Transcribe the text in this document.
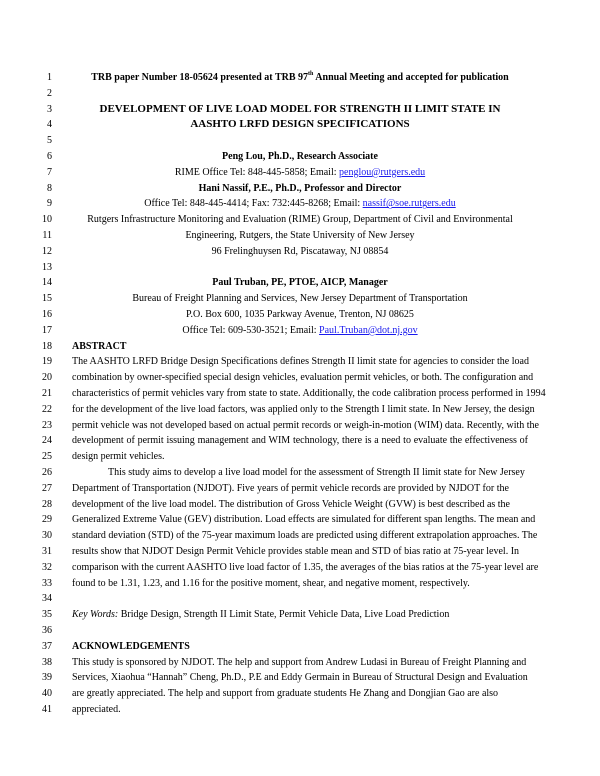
1	TRB paper Number 18-05624 presented at TRB 97th Annual Meeting and accepted for publication
2
3	DEVELOPMENT OF LIVE LOAD MODEL FOR STRENGTH II LIMIT STATE IN
4	AASHTO LRFD DESIGN SPECIFICATIONS
5
6	Peng Lou, Ph.D., Research Associate
7	RIME Office Tel: 848-445-5858; Email: penglou@rutgers.edu
8	Hani Nassif, P.E., Ph.D., Professor and Director
9	Office Tel: 848-445-4414; Fax: 732:445-8268; Email: nassif@soe.rutgers.edu
10	Rutgers Infrastructure Monitoring and Evaluation (RIME) Group, Department of Civil and Environmental
11	Engineering, Rutgers, the State University of New Jersey
12	96 Frelinghuysen Rd, Piscataway, NJ 08854
13
14	Paul Truban, PE, PTOE, AICP, Manager
15	Bureau of Freight Planning and Services, New Jersey Department of Transportation
16	P.O. Box 600, 1035 Parkway Avenue, Trenton, NJ 08625
17	Office Tel: 609-530-3521; Email: Paul.Truban@dot.nj.gov
18 ABSTRACT
19 The AASHTO LRFD Bridge Design Specifications defines Strength II limit state for agencies to consider the load
20 combination by owner-specified special design vehicles, evaluation permit vehicles, or both. The configuration and
21 characteristics of permit vehicles vary from state to state. Additionally, the code calibration process performed in 1994
22 for the development of the live load factors, was applied only to the Strength I limit state. In New Jersey, the design
23 permit vehicle was not developed based on actual permit records or weigh-in-motion (WIM) data. Recently, with the
24 development of permit issuing management and WIM technology, there is a need to evaluate the effectiveness of
25 design permit vehicles.
26	This study aims to develop a live load model for the assessment of Strength II limit state for New Jersey
27 Department of Transportation (NJDOT). Five years of permit vehicle records are provided by NJDOT for the
28 development of the live load model. The distribution of Gross Vehicle Weight (GVW) is best described as the
29 Generalized Extreme Value (GEV) distribution. Load effects are simulated for different span lengths. The mean and
30 standard deviation (STD) of the 75-year maximum loads are predicted using different extrapolation approaches. The
31 results show that NJDOT Design Permit Vehicle provides stable mean and STD of bias ratio at 75-year level. In
32 comparison with the current AASHTO live load factor of 1.35, the averages of the bias ratios at the 75-year level are
33 found to be 1.31, 1.23, and 1.16 for the positive moment, shear, and negative moment, respectively.
34
35 Key Words: Bridge Design, Strength II Limit State, Permit Vehicle Data, Live Load Prediction
36
37 ACKNOWLEDGEMENTS
38 This study is sponsored by NJDOT. The help and support from Andrew Ludasi in Bureau of Freight Planning and
39 Services, Xiaohua “Hannah” Cheng, Ph.D., P.E and Eddy Germain in Bureau of Structural Design and Evaluation
40 are greatly appreciated. The help and support from graduate students He Zhang and Dongjian Gao are also
41 appreciated.
